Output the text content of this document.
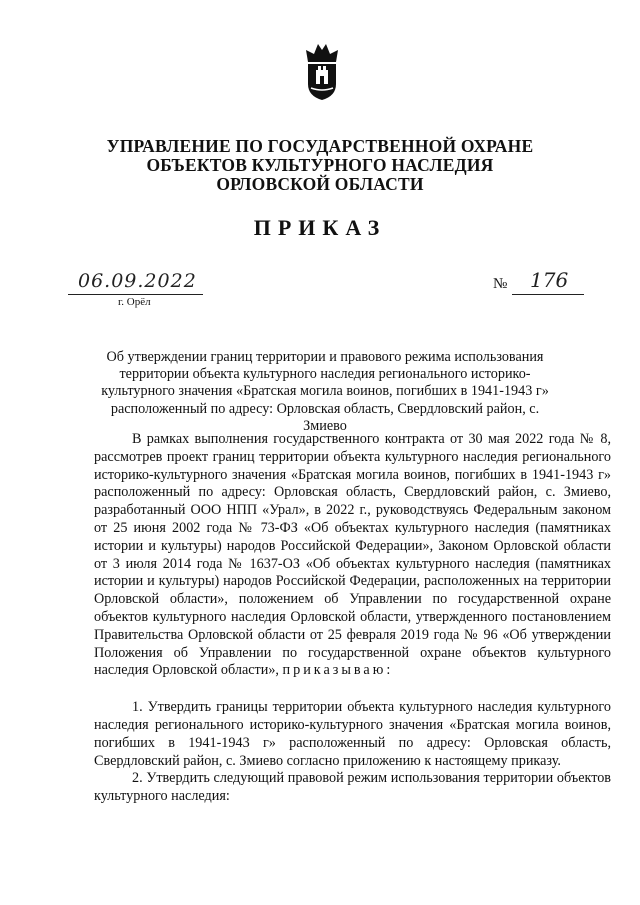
УПРАВЛЕНИЕ ПО ГОСУДАРСТВЕННОЙ ОХРАНЕ
ОБЪЕКТОВ КУЛЬТУРНОГО НАСЛЕДИЯ
ОРЛОВСКОЙ ОБЛАСТИ
ПРИКАЗ
06.09.2022
г. Орёл
№ 176
Об утверждении границ территории и правового режима использования территории объекта культурного наследия регионального историко-культурного значения «Братская могила воинов, погибших в 1941-1943 г» расположенный по адресу: Орловская область, Свердловский район, с. Змиево

В рамках выполнения государственного контракта от 30 мая 2022 года № 8, рассмотрев проект границ территории объекта культурного наследия регионального историко-культурного значения «Братская могила воинов, погибших в 1941-1943 г» расположенный по адресу: Орловская область, Свердловский район, с. Змиево, разработанный ООО НПП «Урал», в 2022 г., руководствуясь Федеральным законом от 25 июня 2002 года № 73-ФЗ «Об объектах культурного наследия (памятниках истории и культуры) народов Российской Федерации», Законом Орловской области от 3 июля 2014 года № 1637-ОЗ «Об объектах культурного наследия (памятниках истории и культуры) народов Российской Федерации, расположенных на территории Орловской области», положением об Управлении по государственной охране объектов культурного наследия Орловской области, утвержденного постановлением Правительства Орловской области от 25 февраля 2019 года № 96 «Об утверждении Положения об Управлении по государственной охране объектов культурного наследия Орловской области», приказываю:

1. Утвердить границы территории объекта культурного наследия культурного наследия регионального историко-культурного значения «Братская могила воинов, погибших в 1941-1943 г» расположенный по адресу: Орловская область, Свердловский район, с. Змиево согласно приложению к настоящему приказу.

2. Утвердить следующий правовой режим использования территории объектов культурного наследия:
